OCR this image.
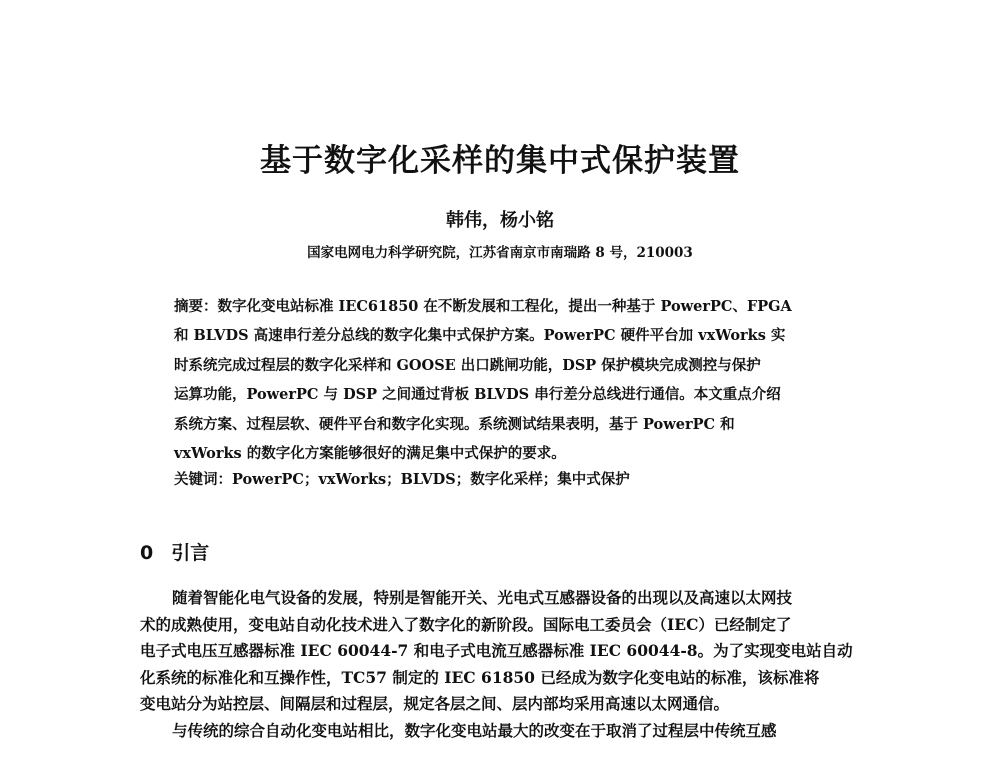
基于数字化采样的集中式保护装置
韩伟，杨小铭
国家电网电力科学研究院，江苏省南京市南瑞路 8 号，210003
摘要：数字化变电站标准 IEC61850 在不断发展和工程化，提出一种基于 PowerPC、FPGA
和 BLVDS 高速串行差分总线的数字化集中式保护方案。PowerPC 硬件平台加 vxWorks 实
时系统完成过程层的数字化采样和 GOOSE 出口跳闸功能，DSP 保护模块完成测控与保护
运算功能，PowerPC 与 DSP 之间通过背板 BLVDS 串行差分总线进行通信。本文重点介绍
系统方案、过程层软、硬件平台和数字化实现。系统测试结果表明，基于 PowerPC 和
vxWorks 的数字化方案能够很好的满足集中式保护的要求。
关键词：PowerPC；vxWorks；BLVDS；数字化采样；集中式保护
0 引言
随着智能化电气设备的发展，特别是智能开关、光电式互感器设备的出现以及高速以太网技
术的成熟使用，变电站自动化技术进入了数字化的新阶段。国际电工委员会（IEC）已经制定了
电子式电压互感器标准 IEC 60044-7 和电子式电流互感器标准 IEC 60044-8。为了实现变电站自动
化系统的标准化和互操作性，TC57 制定的 IEC 61850 已经成为数字化变电站的标准，该标准将
变电站分为站控层、间隔层和过程层，规定各层之间、层内部均采用高速以太网通信。
与传统的综合自动化变电站相比，数字化变电站最大的改变在于取消了过程层中传统互感
